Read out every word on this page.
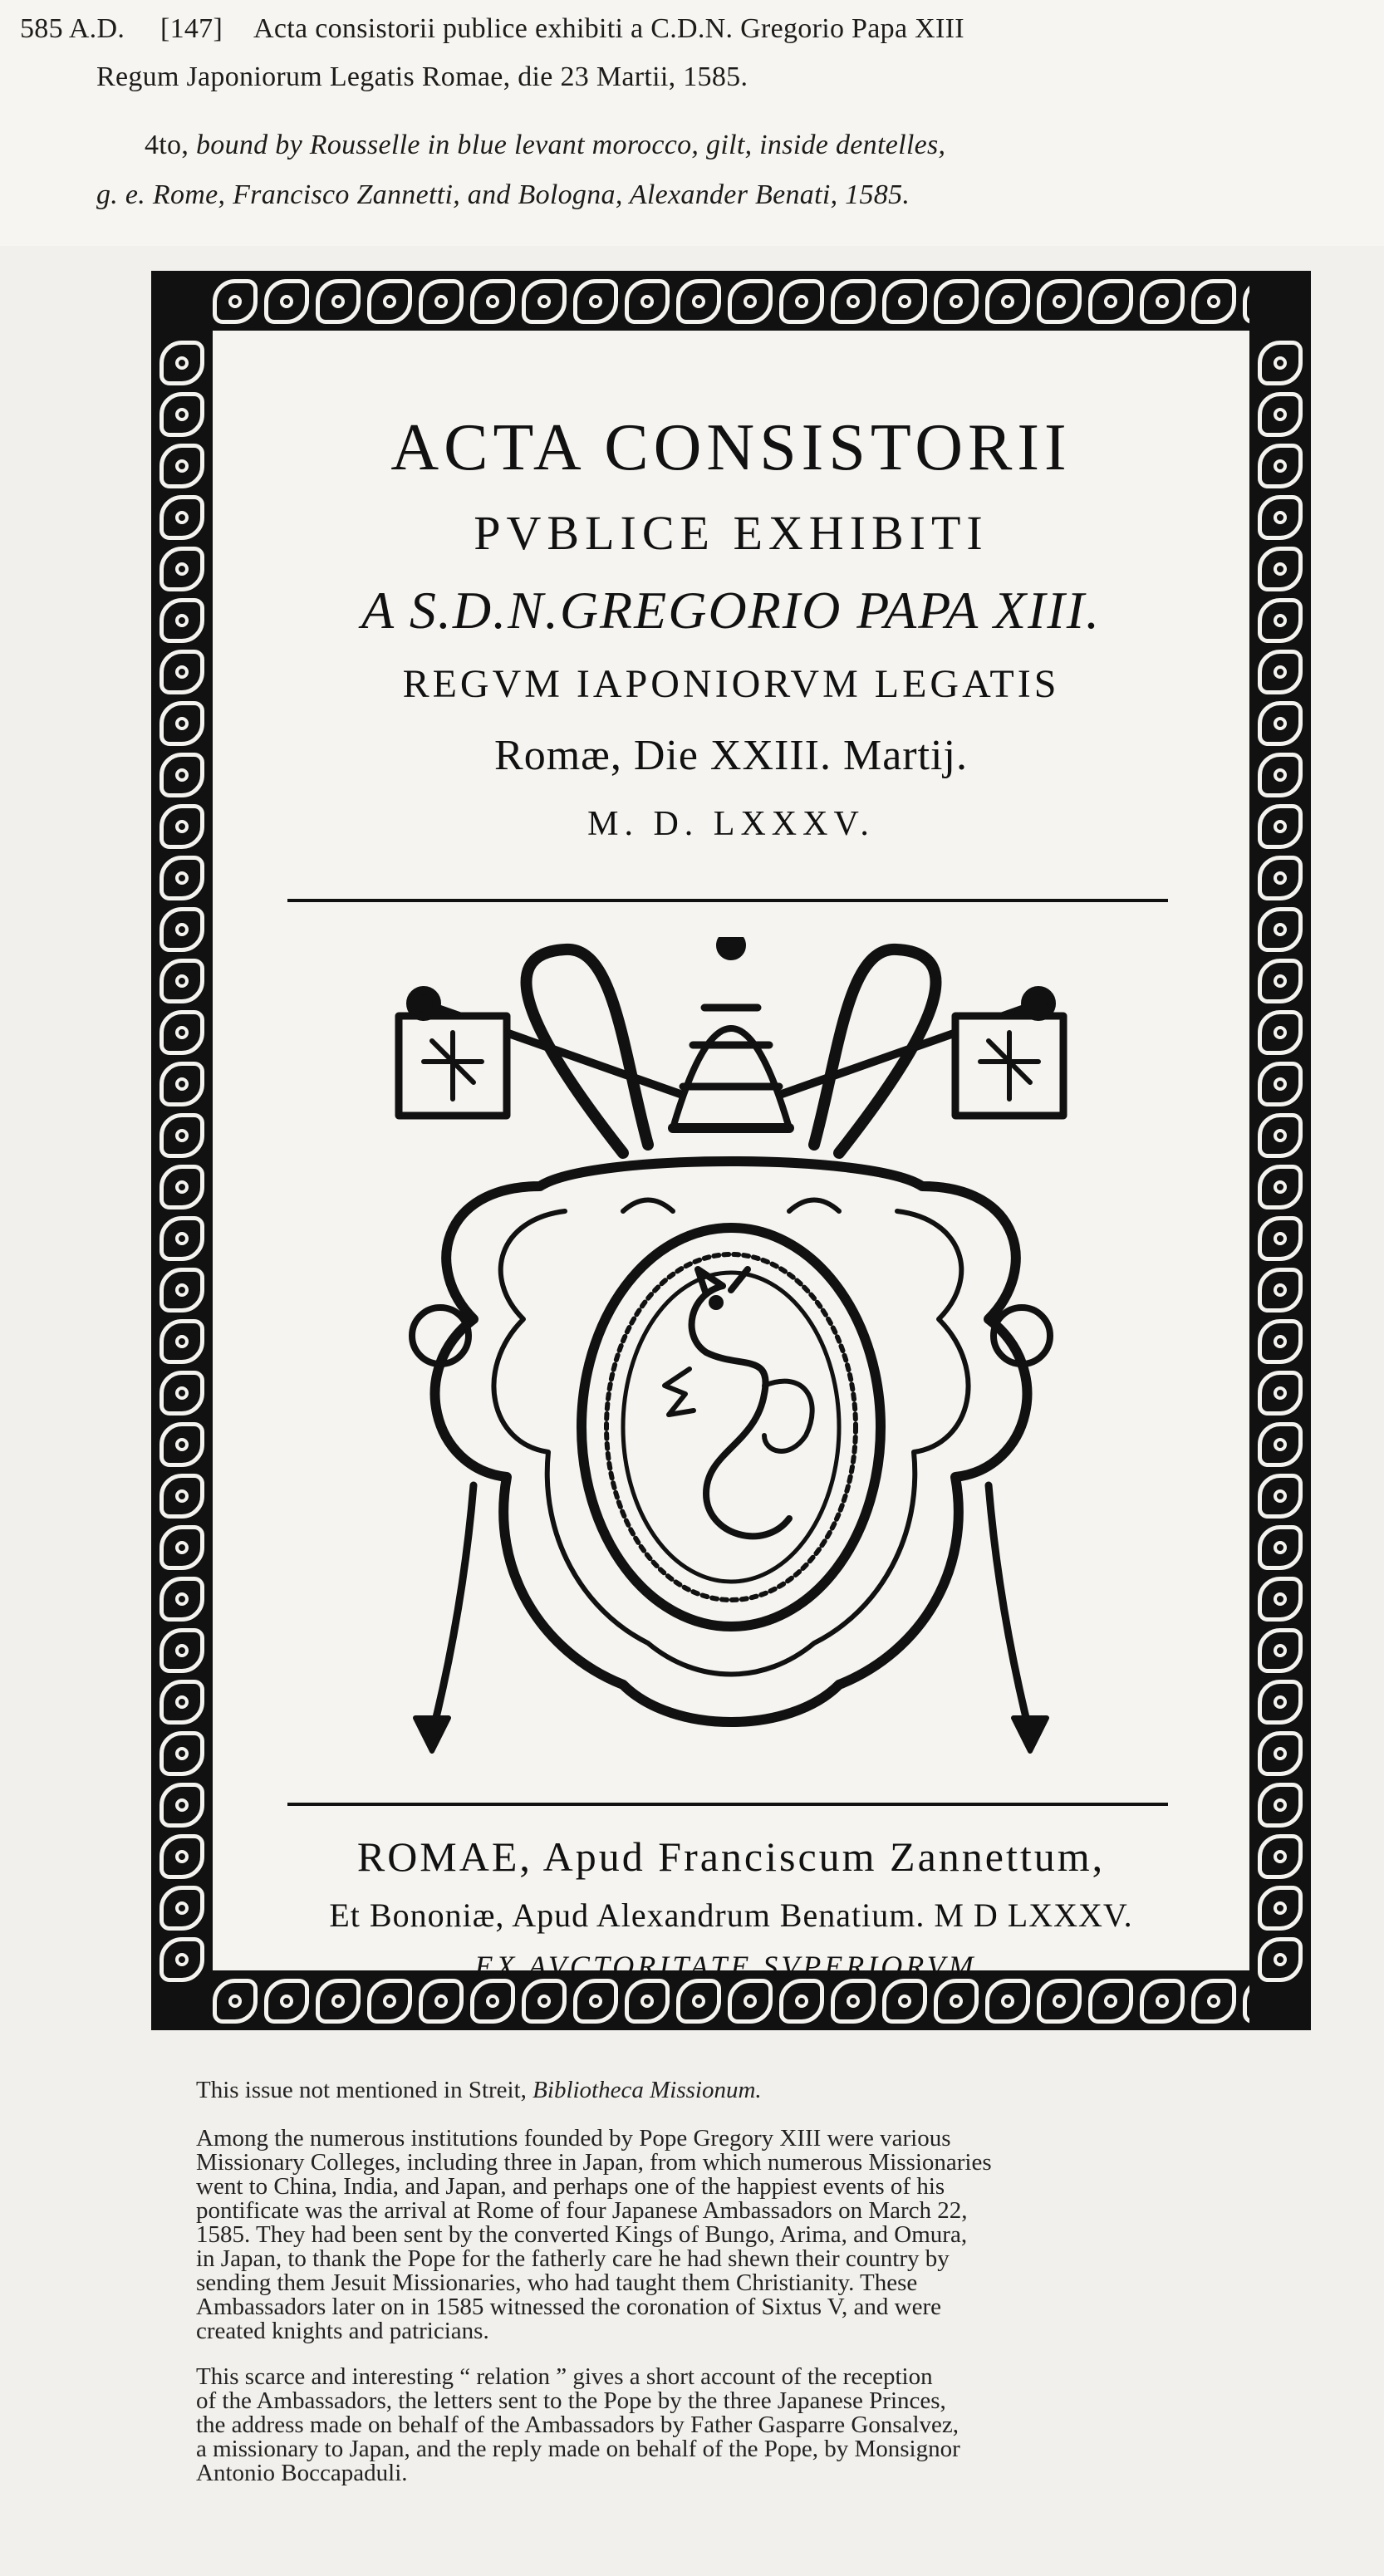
585 A.D. [147] Acta consistorii publice exhibiti a C.D.N. Gregorio Papa XIII
Regum Japoniorum Legatis Romae, die 23 Martii, 1585.
4to, bound by Rousselle in blue levant morocco, gilt, inside dentelles,
g. e. Rome, Francisco Zannetti, and Bologna, Alexander Benati, 1585.
ACTA CONSISTORII
PVBLICE EXHIBITI
A S.D.N.GREGORIO PAPA XIII.
REGVM IAPONIORVM LEGATIS
Romæ, Die XXIII. Martij.
M. D. LXXXV.
ROMAE, Apud Franciscum Zannettum,
Et Bononiæ, Apud Alexandrum Benatium. M D LXXXV.
EX AVCTORITATE SVPERIORVM.

This issue not mentioned in Streit, Bibliotheca Missionum.

Among the numerous institutions founded by Pope Gregory XIII were various
Missionary Colleges, including three in Japan, from which numerous Missionaries
went to China, India, and Japan, and perhaps one of the happiest events of his
pontificate was the arrival at Rome of four Japanese Ambassadors on March 22,
1585. They had been sent by the converted Kings of Bungo, Arima, and Omura,
in Japan, to thank the Pope for the fatherly care he had shewn their country by
sending them Jesuit Missionaries, who had taught them Christianity. These
Ambassadors later on in 1585 witnessed the coronation of Sixtus V, and were
created knights and patricians.
This scarce and interesting “ relation ” gives a short account of the reception
of the Ambassadors, the letters sent to the Pope by the three Japanese Princes,
the address made on behalf of the Ambassadors by Father Gasparre Gonsalvez,
a missionary to Japan, and the reply made on behalf of the Pope, by Monsignor
Antonio Boccapaduli.
